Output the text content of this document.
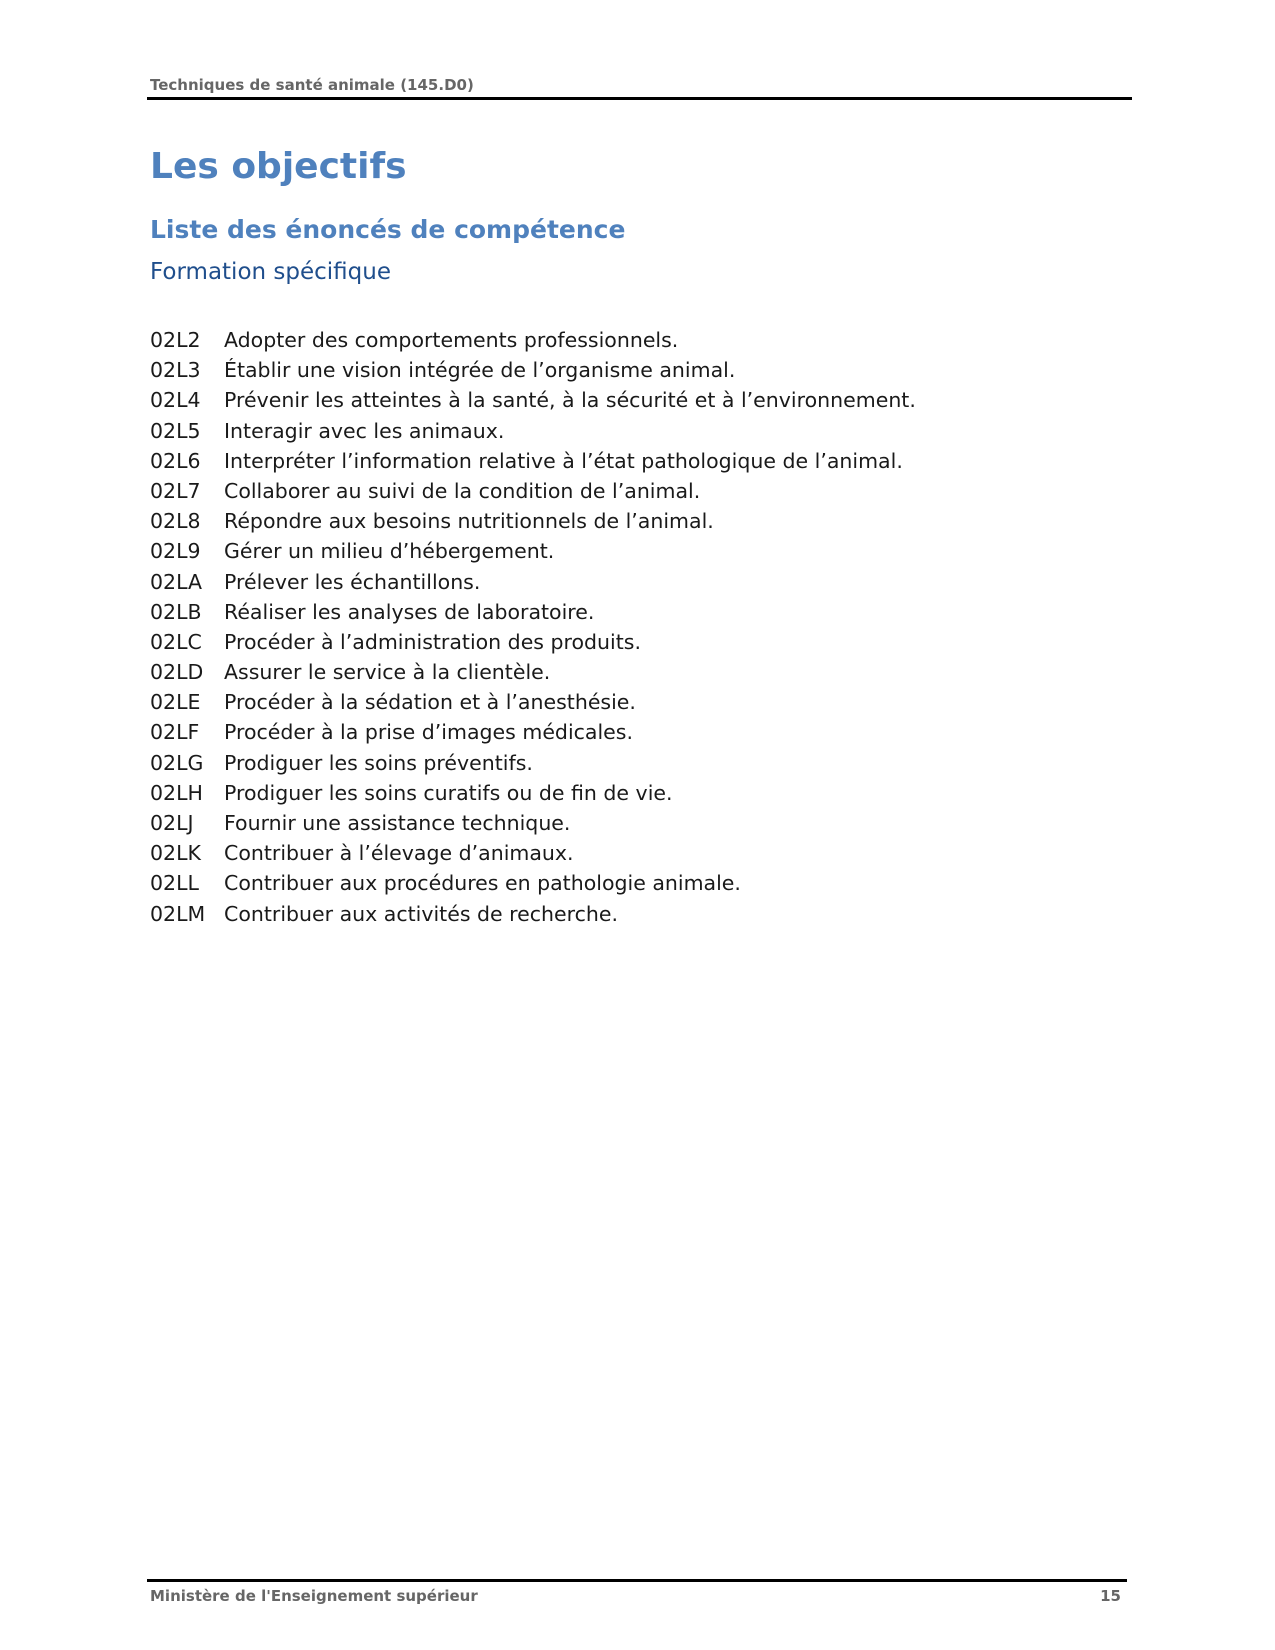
Techniques de santé animale (145.D0)
Les objectifs
Liste des énoncés de compétence
Formation spécifique
02L2	Adopter des comportements professionnels.
02L3	Établir une vision intégrée de l’organisme animal.
02L4	Prévenir les atteintes à la santé, à la sécurité et à l’environnement.
02L5	Interagir avec les animaux.
02L6	Interpréter l’information relative à l’état pathologique de l’animal.
02L7	Collaborer au suivi de la condition de l’animal.
02L8	Répondre aux besoins nutritionnels de l’animal.
02L9	Gérer un milieu d’hébergement.
02LA	Prélever les échantillons.
02LB	Réaliser les analyses de laboratoire.
02LC	Procéder à l’administration des produits.
02LD	Assurer le service à la clientèle.
02LE	Procéder à la sédation et à l’anesthésie.
02LF	Procéder à la prise d’images médicales.
02LG	Prodiguer les soins préventifs.
02LH	Prodiguer les soins curatifs ou de fin de vie.
02LJ	Fournir une assistance technique.
02LK	Contribuer à l’élevage d’animaux.
02LL	Contribuer aux procédures en pathologie animale.
02LM Contribuer aux activités de recherche.
Ministère de l'Enseignement supérieur	15
